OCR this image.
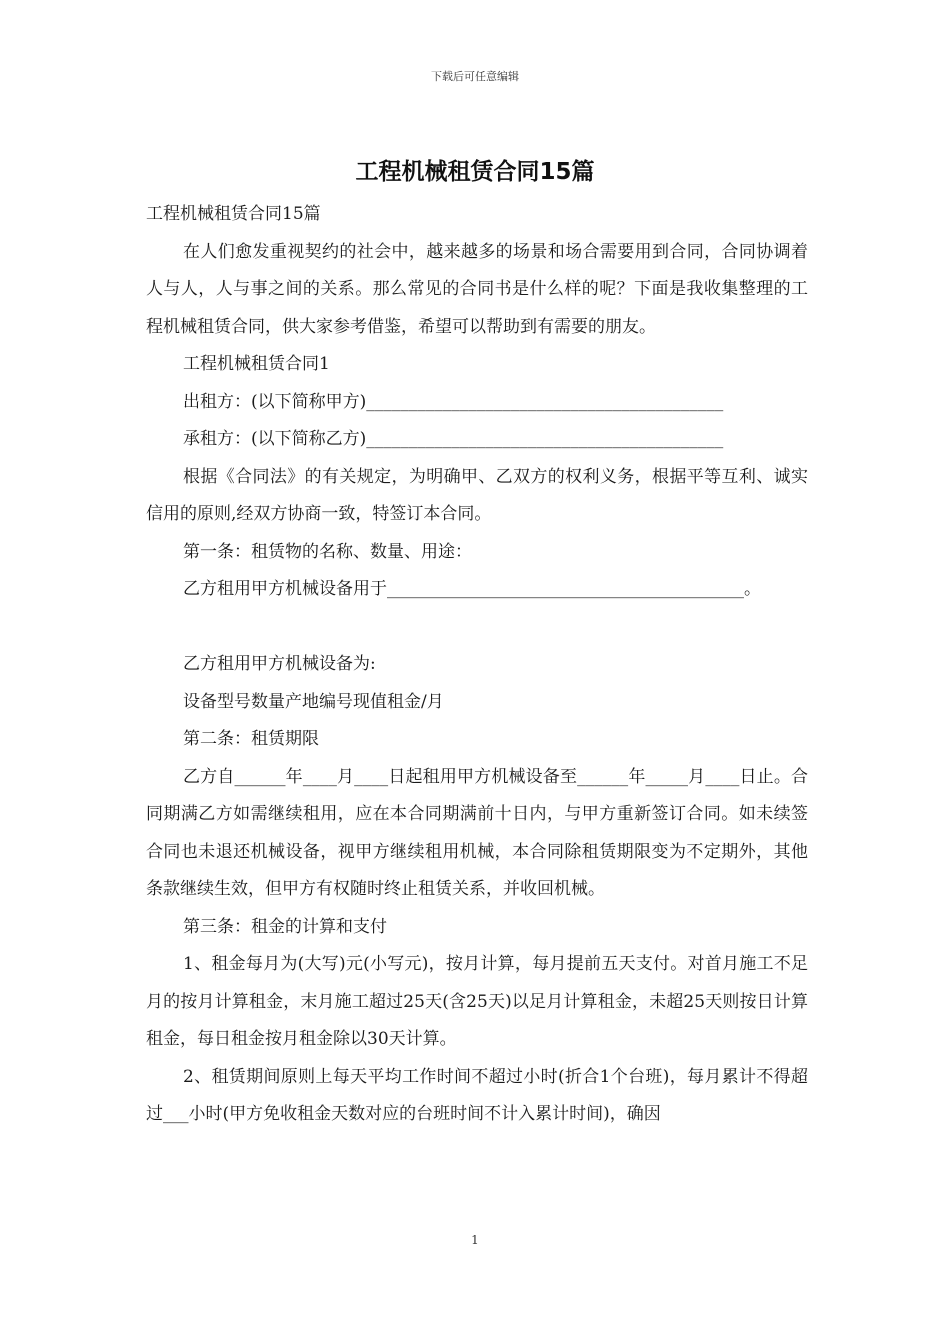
下载后可任意编辑
工程机械租赁合同15篇

工程机械租赁合同15篇

在人们愈发重视契约的社会中，越来越多的场景和场合需要用到合同，合同协调着人与人，人与事之间的关系。那么常见的合同书是什么样的呢？下面是我收集整理的工程机械租赁合同，供大家参考借鉴，希望可以帮助到有需要的朋友。

工程机械租赁合同1

出租方：(以下简称甲方)__________________________________________

承租方：(以下简称乙方)__________________________________________

根据《合同法》的有关规定，为明确甲、乙双方的权利义务，根据平等互利、诚实信用的原则,经双方协商一致，特签订本合同。

第一条：租赁物的名称、数量、用途：

乙方租用甲方机械设备用于__________________________________________。

乙方租用甲方机械设备为:

设备型号数量产地编号现值租金/月

第二条：租赁期限

乙方自______年____月____日起租用甲方机械设备至______年_____月____日止。合同期满乙方如需继续租用，应在本合同期满前十日内，与甲方重新签订合同。如未续签合同也未退还机械设备，视甲方继续租用机械，本合同除租赁期限变为不定期外，其他条款继续生效，但甲方有权随时终止租赁关系，并收回机械。

第三条：租金的计算和支付

1、租金每月为(大写)元(小写元)，按月计算，每月提前五天支付。对首月施工不足月的按月计算租金，末月施工超过25天(含25天)以足月计算租金，未超25天则按日计算租金，每日租金按月租金除以30天计算。

2、租赁期间原则上每天平均工作时间不超过小时(折合1个台班)，每月累计不得超过___小时(甲方免收租金天数对应的台班时间不计入累计时间)，确因

1
